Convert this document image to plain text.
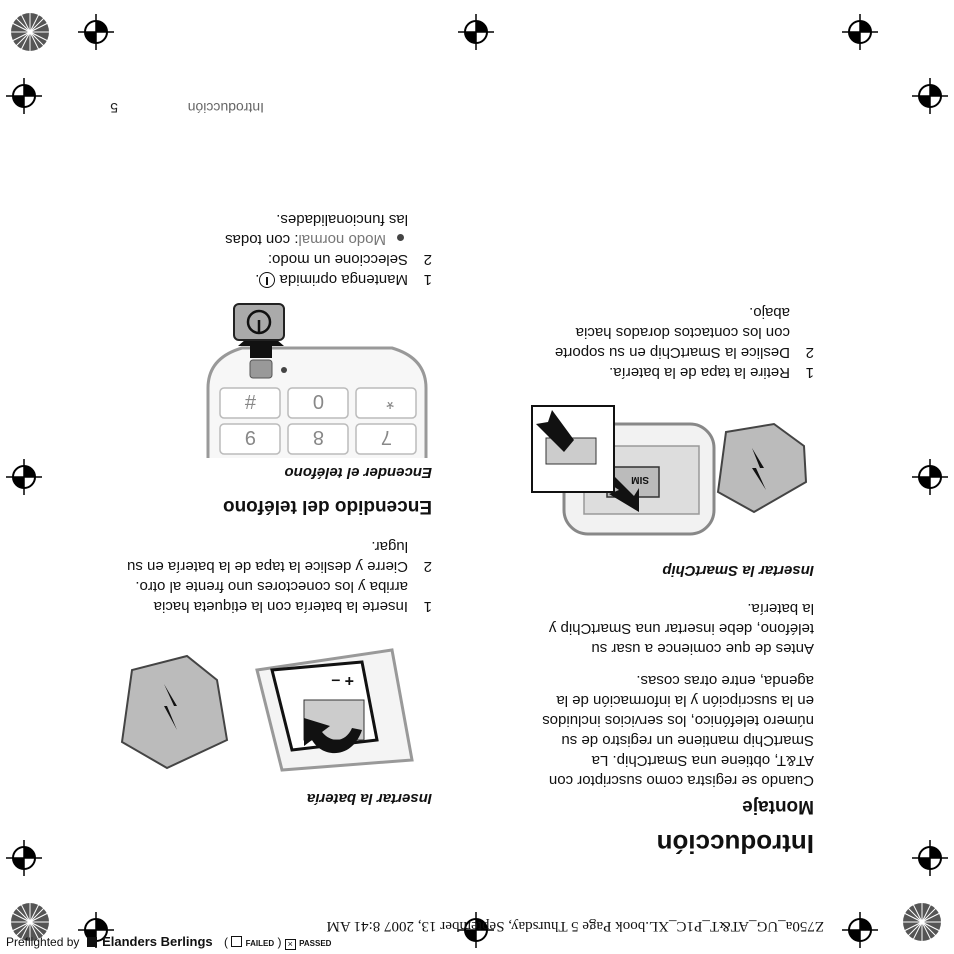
Z750a_UG_AT&T_P1C_XL.book Page 5 Thursday, September 13, 2007 8:41 AM
Introducción
5
Introducción
Montaje
Cuando se registra como suscriptor con AT&T, obtiene una SmartChip. La SmartChip mantiene un registro de su número telefónico, los servicios incluidos en la suscripción y la información de la agenda, entre otras cosas.
Antes de que comience a usar su teléfono, debe insertar una SmartChip y la batería.
Insertar la SmartChip
SIM
1
Retire la tapa de la batería.
2
Deslice la SmartChip en su soporte con los contactos dorados hacia abajo.
Insertar la batería
+ –
1
Inserte la batería con la etiqueta hacia arriba y los conectores uno frente al otro.
2
Cierre y deslice la tapa de la batería en su lugar.
Encendido del teléfono
Encender el teléfono
7
8
9
*
0
#
1
Mantenga oprimida
.
2
Seleccione un modo:
Modo normal: con todas las funcionalidades.
Preflighted by Elanders Berlings ( FAILED ) × PASSED
